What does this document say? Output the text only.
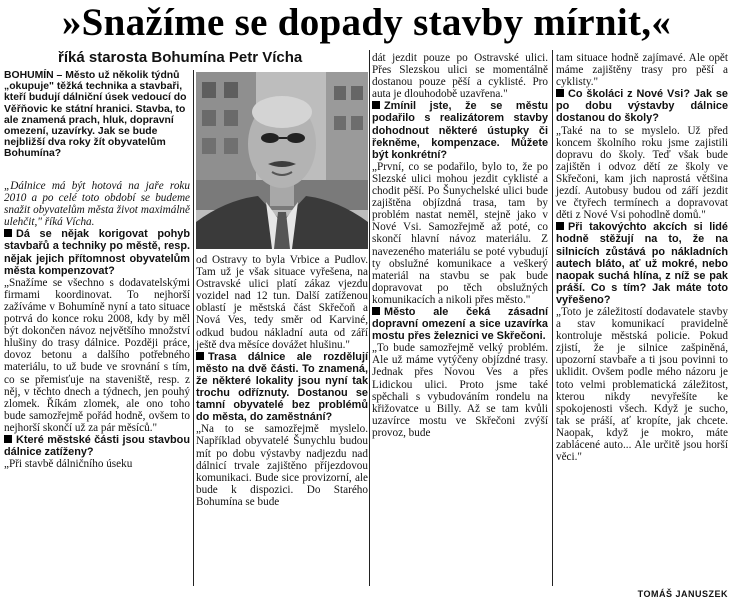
»Snažíme se dopady stavby mírnit,«
říká starosta Bohumína Petr Vícha
BOHUMÍN – Město už několik týdnů „okupuje" těžká technika a stavbaři, kteří budují dálniční úsek vedoucí do Věřňovic ke státní hranici. Stavba, to ale znamená prach, hluk, dopravní omezení, uzavírky. Jak se bude nejbližší dva roky žít obyvatelům Bohumína?

„Dálnice má být hotová na jaře roku 2010 a po celé toto období se budeme snažit obyvatelům města život maximálně ulehčit," říká Vícha.

Dá se nějak korigovat pohyb stavbařů a techniky po městě, resp. nějak jejich přítomnost obyvatelům města kompenzovat?

„Snažíme se všechno s dodavatelskými firmami koordinovat. To nejhorší zažíváme v Bohumíně nyní a tato situace potrvá do konce roku 2008, kdy by měl být dokončen návoz největšího množství hlušiny do trasy dálnice. Později práce, dovoz betonu a dalšího potřebného materiálu, to už bude ve srovnání s tím, co se přemisťuje na staveniště, resp. z něj, v těchto dnech a týdnech, jen pouhý zlomek. Říkám zlomek, ale ono toho bude samozřejmě pořád hodně, ovšem to nejhorší skončí už za pár měsíců."

Které městské části jsou stavbou dálnice zatíženy?

„Při stavbě dálničního úseku

od Ostravy to byla Vrbice a Pudlov. Tam už je však situace vyřešena, na Ostravské ulici platí zákaz vjezdu vozidel nad 12 tun. Další zatíženou oblastí je městská část Skřečoň a Nová Ves, tedy směr od Karviné, odkud budou nákladní auta od září ještě dva měsíce dovážet hlušinu."

Trasa dálnice ale rozdělují město na dvě části. To znamená, že některé lokality jsou nyní tak trochu odříznuty. Dostanou se tamní obyvatelé bez problémů do města, do zaměstnání?

„Na to se samozřejmě myslelo. Například obyvatelé Šunychlu budou mít po dobu výstavby nadjezdu nad dálnicí trvale zajištěno příjezdovou komunikaci. Bude sice provizorní, ale bude k dispozici. Do Starého Bohumína se bude

dát jezdit pouze po Ostravské ulici. Přes Slezskou ulici se momentálně dostanou pouze pěší a cyklisté. Pro auta je dlouhodobě uzavřena."

Zmínil jste, že se městu podařilo s realizátorem stavby dohodnout některé ústupky či řekněme, kompenzace. Můžete být konkrétní?

„První, co se podařilo, bylo to, že po Slezské ulici mohou jezdit cyklisté a chodit pěší. Po Šunychelské ulici bude zajištěna objízdná trasa, tam by problém nastat neměl, stejně jako v Nové Vsi. Samozřejmě až poté, co skončí hlavní návoz materiálu. Z navezeného materiálu se poté vybudují ty obslužné komunikace a veškerý materiál na stavbu se pak bude dopravovat po těch obslužných komunikacích a nikoli přes město."

Město ale čeká zásadní dopravní omezení a sice uzavírka mostu přes železnici ve Skřečoni.

„To bude samozřejmě velký problém. Ale už máme vytýčeny objízdné trasy. Jednak přes Novou Ves a přes Lidickou ulici. Proto jsme také spěchali s vybudováním rondelu na křižovatce u Billy. Až se tam kvůli uzavírce mostu ve Skřečoni zvýší provoz, bude

tam situace hodně zajímavé. Ale opět máme zajištěny trasy pro pěší a cyklisty."

Co školáci z Nové Vsi? Jak se po dobu výstavby dálnice dostanou do školy?

„Také na to se myslelo. Už před koncem školního roku jsme zajistili dopravu do školy. Teď však bude zajištěn i odvoz dětí ze školy ve Skřečoni, kam jich naprostá většina jezdí. Autobusy budou od září jezdit ve čtyřech termínech a dopravovat děti z Nové Vsi pohodlně domů."

Při takovýchto akcích si lidé hodně stěžují na to, že na silnicích zůstává po nákladních autech bláto, ať už mokré, nebo naopak suchá hlína, z níž se pak práší. Co s tím? Jak máte toto vyřešeno?

„Toto je záležitostí dodavatele stavby a stav komunikací pravidelně kontroluje městská policie. Pokud zjistí, že je silnice zašpiněná, upozorní stavbaře a ti jsou povinni to uklidit. Ovšem podle mého názoru je toto velmi problematická záležitost, kterou nikdy nevyřešíte ke spokojenosti všech. Když je sucho, tak se práší, ať kropíte, jak chcete. Naopak, když je mokro, máte zablácené auto... Ale určitě jsou horší věci."

TOMÁŠ JANUSZEK
